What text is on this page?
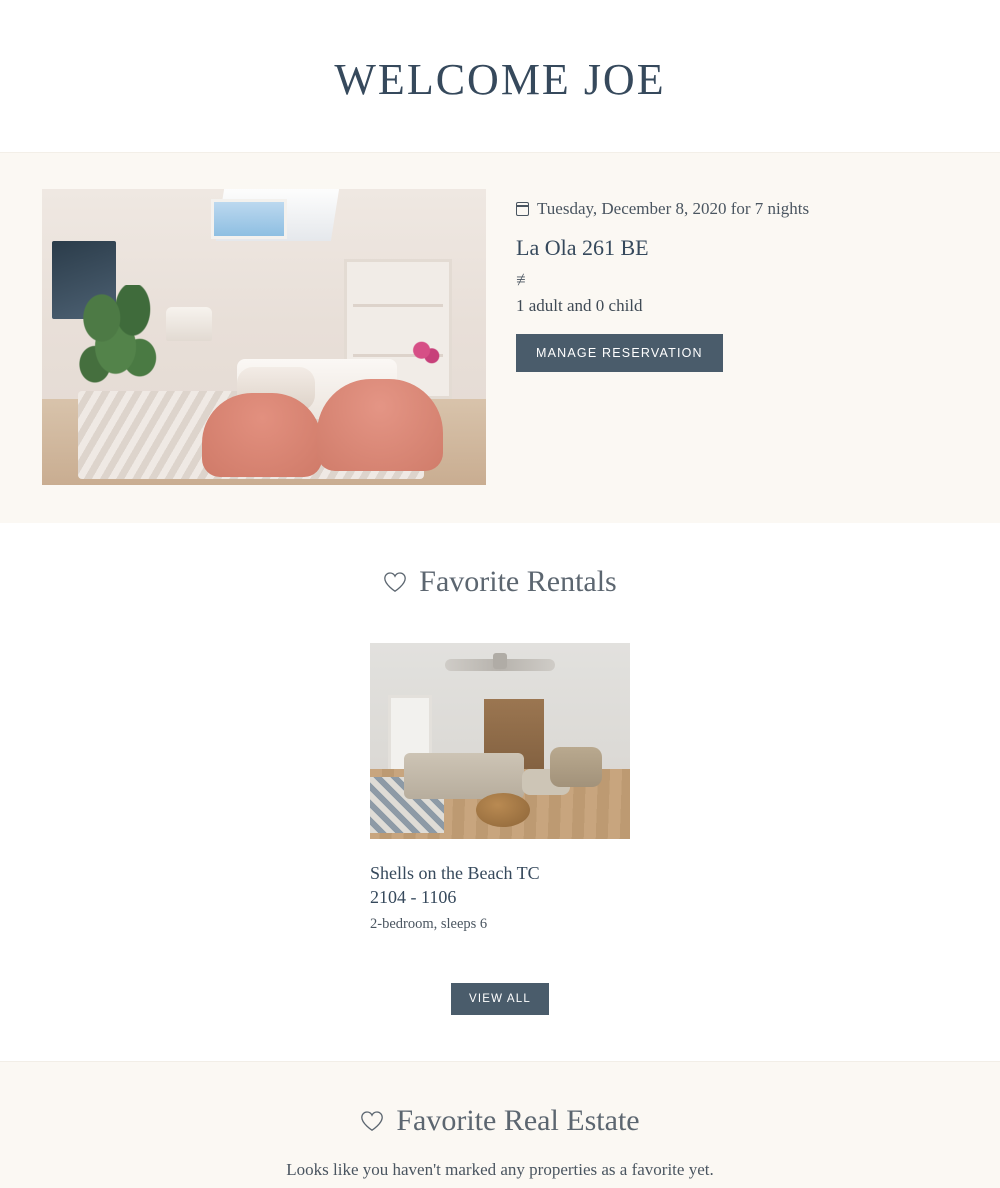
WELCOME JOE

Tuesday, December 8, 2020 for 7 nights

La Ola 261 BE

≢

1 adult and 0 child

MANAGE RESERVATION
Favorite Rentals
Shells on the Beach TC
2104 - 1106

2-bedroom, sleeps 6

VIEW ALL
Favorite Real Estate

Looks like you haven't marked any properties as a favorite yet.
